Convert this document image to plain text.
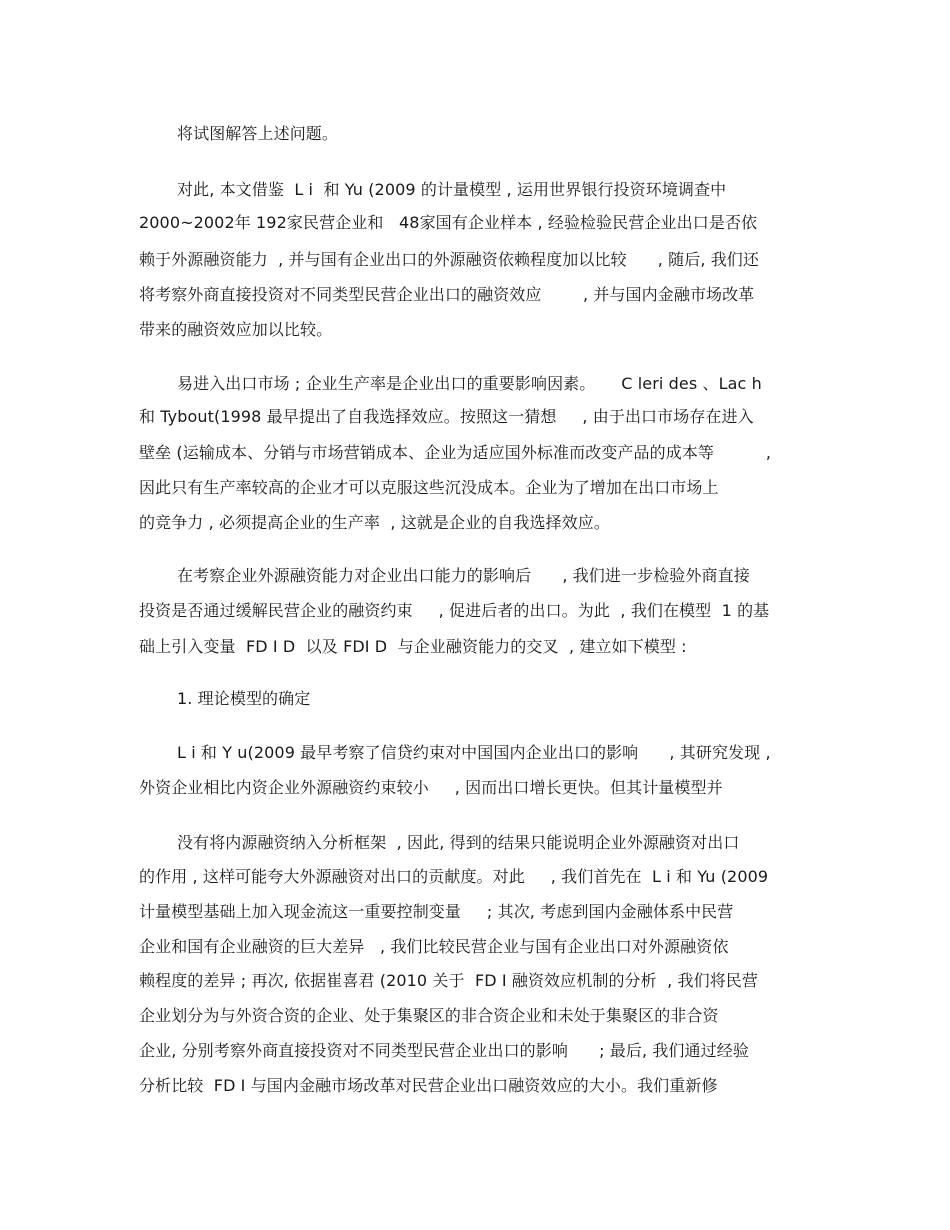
将试图解答上述问题。
对此, 本文借鉴  L i  和 Yu (2009 的计量模型 , 运用世界银行投资环境调查中
2000~2002年 192家民营企业和   48家国有企业样本 , 经验检验民营企业出口是否依
赖于外源融资能力  , 并与国有企业出口的外源融资依赖程度加以比较      , 随后, 我们还
将考察外商直接投资对不同类型民营企业出口的融资效应        , 并与国内金融市场改革
带来的融资效应加以比较。
易进入出口市场 ; 企业生产率是企业出口的重要影响因素。     C leri des 、Lac h
和 Tybout(1998 最早提出了自我选择效应。按照这一猜想     , 由于出口市场存在进入
壁垒 (运输成本、分销与市场营销成本、企业为适应国外标准而改变产品的成本等          ,
因此只有生产率较高的企业才可以克服这些沉没成本。企业为了增加在出口市场上
的竞争力 , 必须提高企业的生产率  , 这就是企业的自我选择效应。
在考察企业外源融资能力对企业出口能力的影响后      , 我们进一步检验外商直接
投资是否通过缓解民营企业的融资约束     , 促进后者的出口。为此  , 我们在模型  1 的基
础上引入变量  FD I D  以及 FDI D  与企业融资能力的交叉  , 建立如下模型 :
1. 理论模型的确定
L i 和 Y u(2009 最早考察了信贷约束对中国国内企业出口的影响      , 其研究发现 ,
外资企业相比内资企业外源融资约束较小     , 因而出口增长更快。但其计量模型并
没有将内源融资纳入分析框架  , 因此, 得到的结果只能说明企业外源融资对出口
的作用 , 这样可能夸大外源融资对出口的贡献度。对此     , 我们首先在  L i 和 Yu (2009
计量模型基础上加入现金流这一重要控制变量     ; 其次, 考虑到国内金融体系中民营
企业和国有企业融资的巨大差异   , 我们比较民营企业与国有企业出口对外源融资依
赖程度的差异 ; 再次, 依据崔喜君 (2010 关于  FD I 融资效应机制的分析  , 我们将民营
企业划分为与外资合资的企业、处于集聚区的非合资企业和未处于集聚区的非合资
企业, 分别考察外商直接投资对不同类型民营企业出口的影响      ; 最后, 我们通过经验
分析比较  FD I 与国内金融市场改革对民营企业出口融资效应的大小。我们重新修
